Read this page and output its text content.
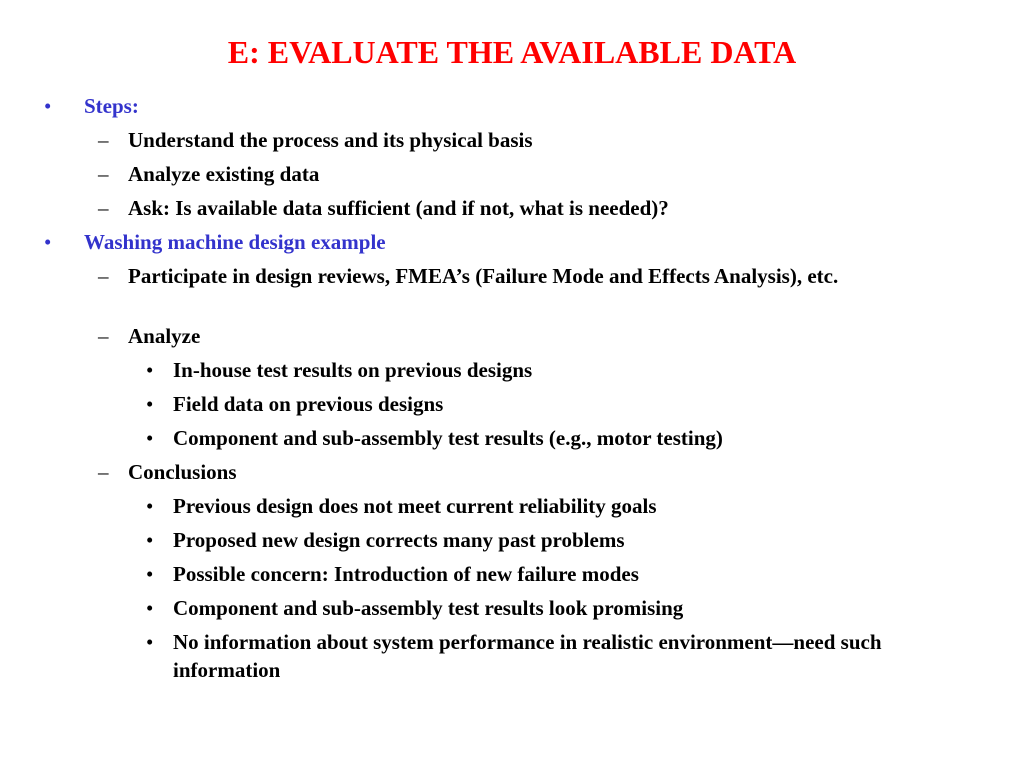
E: EVALUATE THE AVAILABLE DATA
• Steps:
– Understand the process and its physical basis
– Analyze existing data
– Ask: Is available data sufficient (and if not, what is needed)?
• Washing machine design example
– Participate in design reviews, FMEA’s (Failure Mode and Effects Analysis), etc.
– Analyze
• In-house test results on previous designs
• Field data on previous designs
• Component and sub-assembly test results (e.g., motor testing)
– Conclusions
• Previous design does not meet current reliability goals
• Proposed new design corrects many past problems
• Possible concern: Introduction of new failure modes
• Component and sub-assembly test results look promising
• No information about system performance in realistic environment—need such information
